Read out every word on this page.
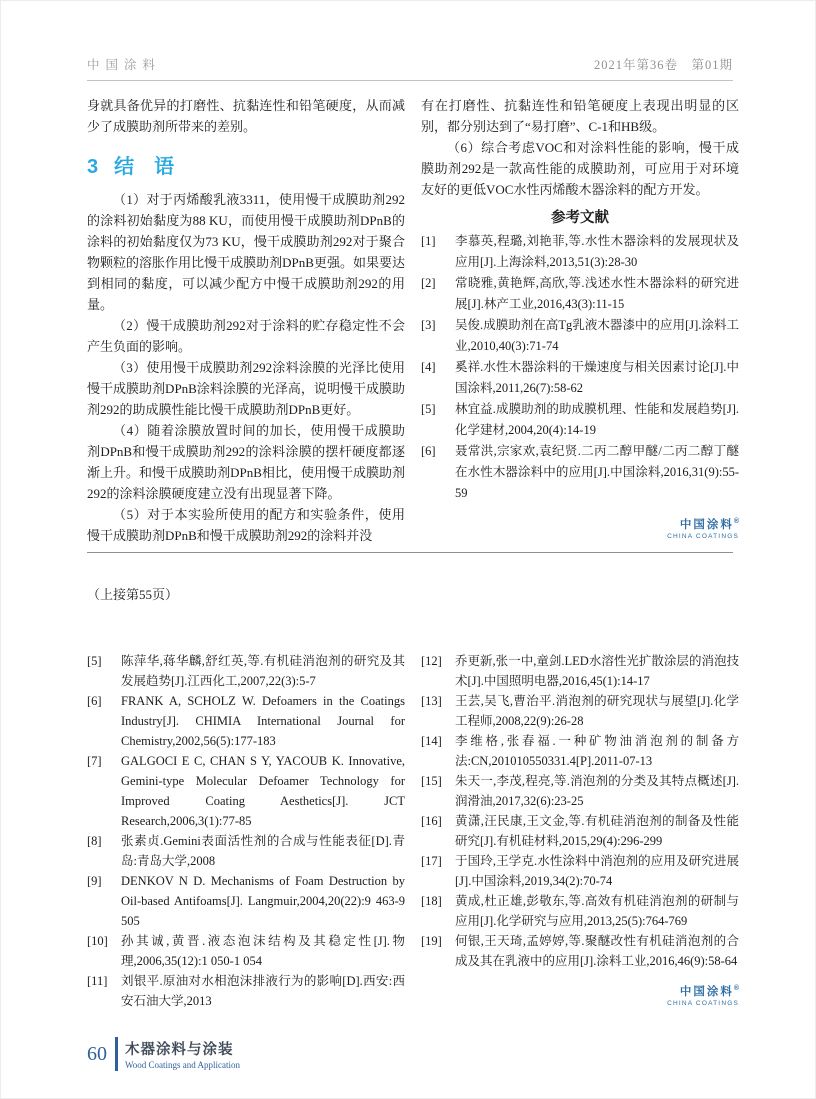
中国涂料	2021年第36卷　第01期

身就具备优异的打磨性、抗黏连性和铅笔硬度，从而减少了成膜助剂所带来的差别。

3 结　语

（1）对于丙烯酸乳液3311，使用慢干成膜助剂292的涂料初始黏度为88 KU，而使用慢干成膜助剂DPnB的涂料的初始黏度仅为73 KU，慢干成膜助剂292对于聚合物颗粒的溶胀作用比慢干成膜助剂DPnB更强。如果要达到相同的黏度，可以减少配方中慢干成膜助剂292的用量。

（2）慢干成膜助剂292对于涂料的贮存稳定性不会产生负面的影响。

（3）使用慢干成膜助剂292涂料涂膜的光泽比使用慢干成膜助剂DPnB涂料涂膜的光泽高，说明慢干成膜助剂292的助成膜性能比慢干成膜助剂DPnB更好。

（4）随着涂膜放置时间的加长，使用慢干成膜助剂DPnB和慢干成膜助剂292的涂料涂膜的摆杆硬度都逐渐上升。和慢干成膜助剂DPnB相比，使用慢干成膜助剂292的涂料涂膜硬度建立没有出现显著下降。

（5）对于本实验所使用的配方和实验条件，使用慢干成膜助剂DPnB和慢干成膜助剂292的涂料并没

有在打磨性、抗黏连性和铅笔硬度上表现出明显的区别，都分别达到了“易打磨”、C-1和HB级。

（6）综合考虑VOC和对涂料性能的影响，慢干成膜助剂292是一款高性能的成膜助剂，可应用于对环境友好的更低VOC水性丙烯酸木器涂料的配方开发。

参考文献
[1]	李慕英,程璐,刘艳菲,等.水性木器涂料的发展现状及应用[J].上海涂料,2013,51(3):28-30
[2]	常晓雅,黄艳辉,高欣,等.浅述水性木器涂料的研究进展[J].林产工业,2016,43(3):11-15
[3]	吴俊.成膜助剂在高Tg乳液木器漆中的应用[J].涂料工业,2010,40(3):71-74
[4]	奚祥.水性木器涂料的干燥速度与相关因素讨论[J].中国涂料,2011,26(7):58-62
[5]	林宜益.成膜助剂的助成膜机理、性能和发展趋势[J].化学建材,2004,20(4):14-19
[6]	聂常洪,宗家欢,袁纪贤.二丙二醇甲醚/二丙二醇丁醚在水性木器涂料中的应用[J].中国涂料,2016,31(9):55-59
中国涂料®
CHINA COATINGS
（上接第55页）
[5]	陈萍华,蒋华麟,舒红英,等.有机硅消泡剂的研究及其发展趋势[J].江西化工,2007,22(3):5-7
[6]	FRANK A, SCHOLZ W. Defoamers in the Coatings Industry[J]. CHIMIA International Journal for Chemistry,2002,56(5):177-183
[7]	GALGOCI E C, CHAN S Y, YACOUB K. Innovative, Gemini-type Molecular Defoamer Technology for Improved Coating Aesthetics[J]. JCT Research,2006,3(1):77-85
[8]	张素贞.Gemini表面活性剂的合成与性能表征[D].青岛:青岛大学,2008
[9]	DENKOV N D. Mechanisms of Foam Destruction by Oil-based Antifoams[J]. Langmuir,2004,20(22):9 463-9 505
[10]	孙其诚,黄晋.液态泡沫结构及其稳定性[J].物理,2006,35(12):1 050-1 054
[11]	刘银平.原油对水相泡沫排液行为的影响[D].西安:西安石油大学,2013
[12]	乔更新,张一中,童剑.LED水溶性光扩散涂层的消泡技术[J].中国照明电器,2016,45(1):14-17
[13]	王芸,吴飞,曹治平.消泡剂的研究现状与展望[J].化学工程师,2008,22(9):26-28
[14]	李维格,张春福.一种矿物油消泡剂的制备方法:CN,201010550331.4[P].2011-07-13
[15]	朱天一,李茂,程亮,等.消泡剂的分类及其特点概述[J].润滑油,2017,32(6):23-25
[16]	黄潇,汪民康,王文金,等.有机硅消泡剂的制备及性能研究[J].有机硅材料,2015,29(4):296-299
[17]	于国玲,王学克.水性涂料中消泡剂的应用及研究进展[J].中国涂料,2019,34(2):70-74
[18]	黄成,杜正雄,彭敬东,等.高效有机硅消泡剂的研制与应用[J].化学研究与应用,2013,25(5):764-769
[19]	何银,王天琦,孟婷婷,等.聚醚改性有机硅消泡剂的合成及其在乳液中的应用[J].涂料工业,2016,46(9):58-64
中国涂料®
CHINA COATINGS
60 木器涂料与涂装
Wood Coatings and Application
